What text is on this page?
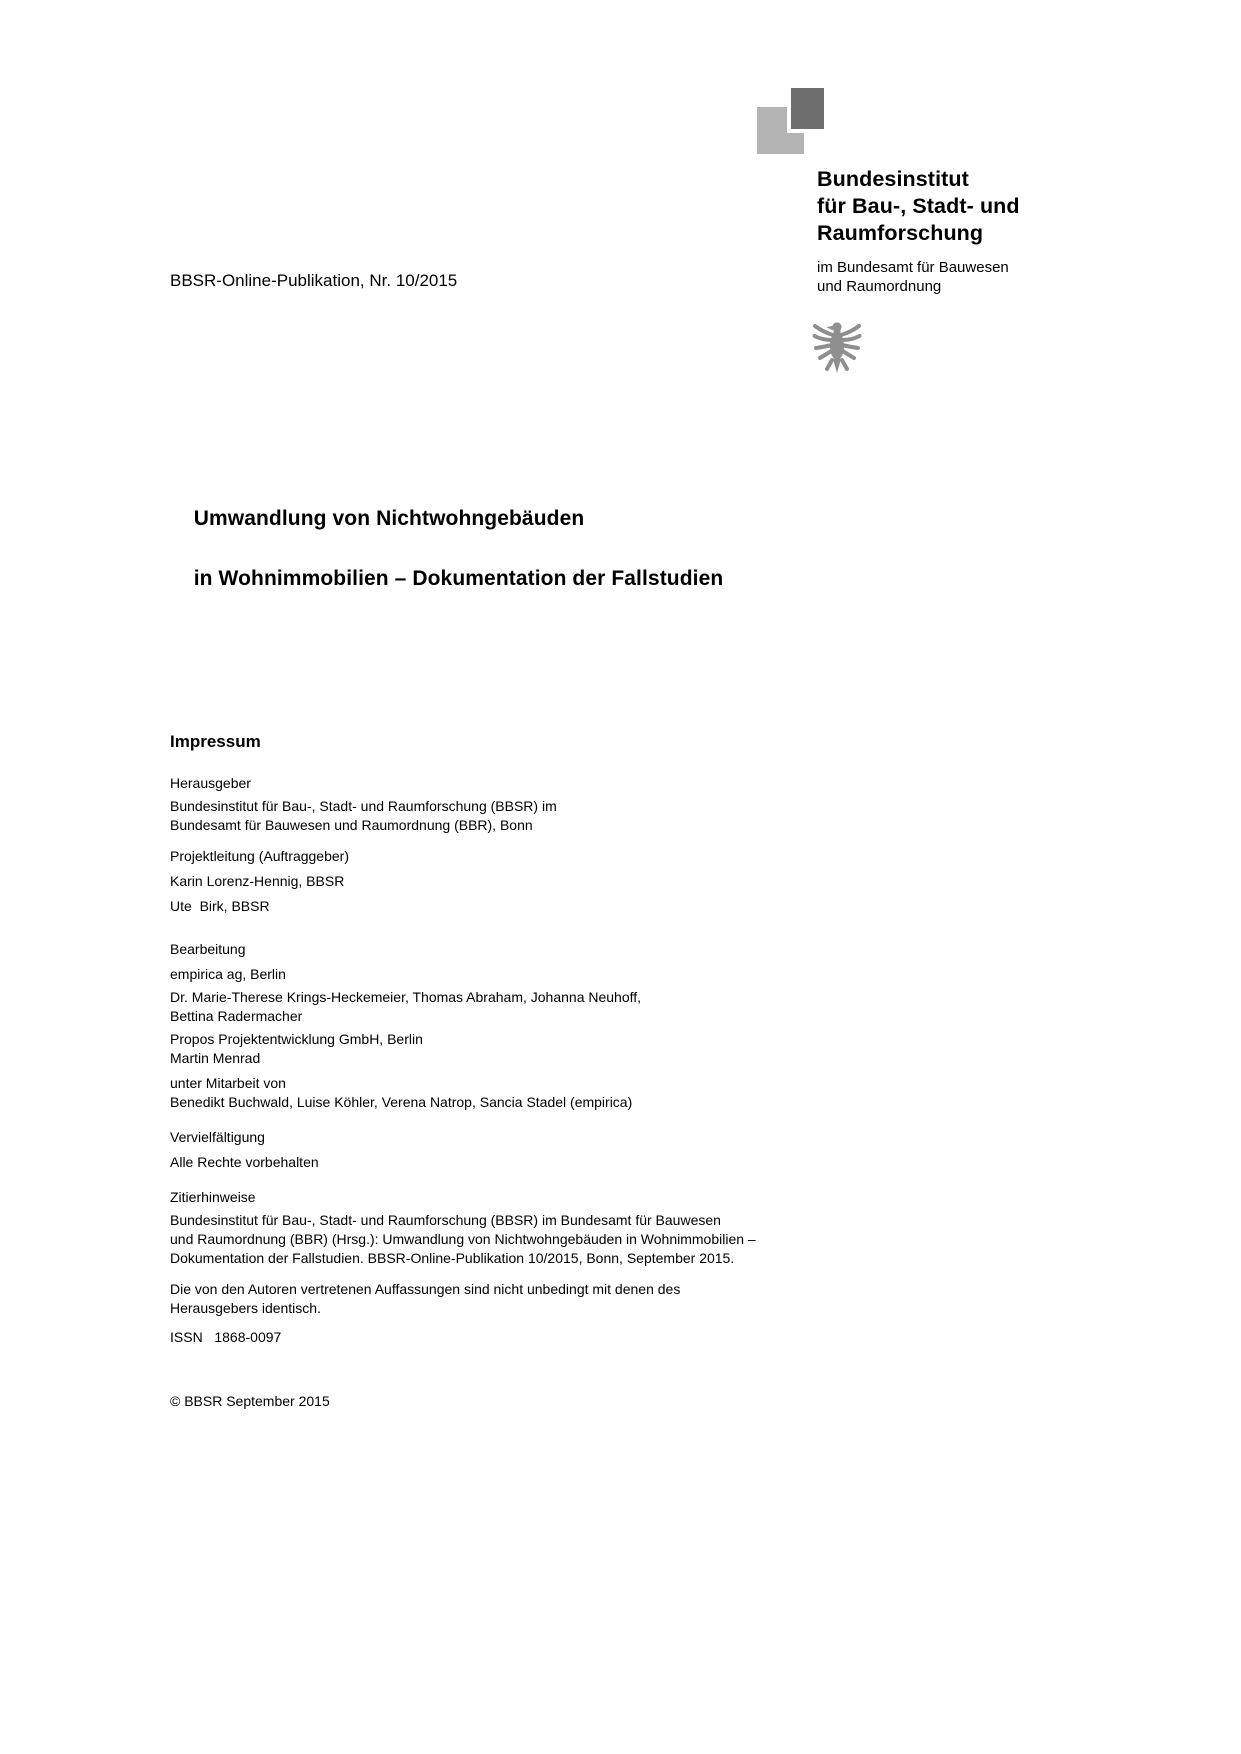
Bundesinstitut
für Bau-, Stadt- und
Raumforschung
im Bundesamt für Bauwesen
und Raumordnung
BBSR-Online-Publikation, Nr. 10/2015

Umwandlung von Nichtwohngebäuden

in Wohnimmobilien – Dokumentation der Fallstudien

Impressum
Herausgeber
Bundesinstitut für Bau-, Stadt- und Raumforschung (BBSR) im
Bundesamt für Bauwesen und Raumordnung (BBR), Bonn
Projektleitung (Auftraggeber)
Karin Lorenz-Hennig, BBSR
Ute  Birk, BBSR
Bearbeitung
empirica ag, Berlin
Dr. Marie-Therese Krings-Heckemeier, Thomas Abraham, Johanna Neuhoff,
Bettina Radermacher
Propos Projektentwicklung GmbH, Berlin
Martin Menrad
unter Mitarbeit von
Benedikt Buchwald, Luise Köhler, Verena Natrop, Sancia Stadel (empirica)
Vervielfältigung
Alle Rechte vorbehalten
Zitierhinweise
Bundesinstitut für Bau-, Stadt- und Raumforschung (BBSR) im Bundesamt für Bauwesen
und Raumordnung (BBR) (Hrsg.): Umwandlung von Nichtwohngebäuden in Wohnimmobilien –
Dokumentation der Fallstudien. BBSR-Online-Publikation 10/2015, Bonn, September 2015.
Die von den Autoren vertretenen Auffassungen sind nicht unbedingt mit denen des
Herausgebers identisch.
ISSN   1868-0097
© BBSR September 2015
